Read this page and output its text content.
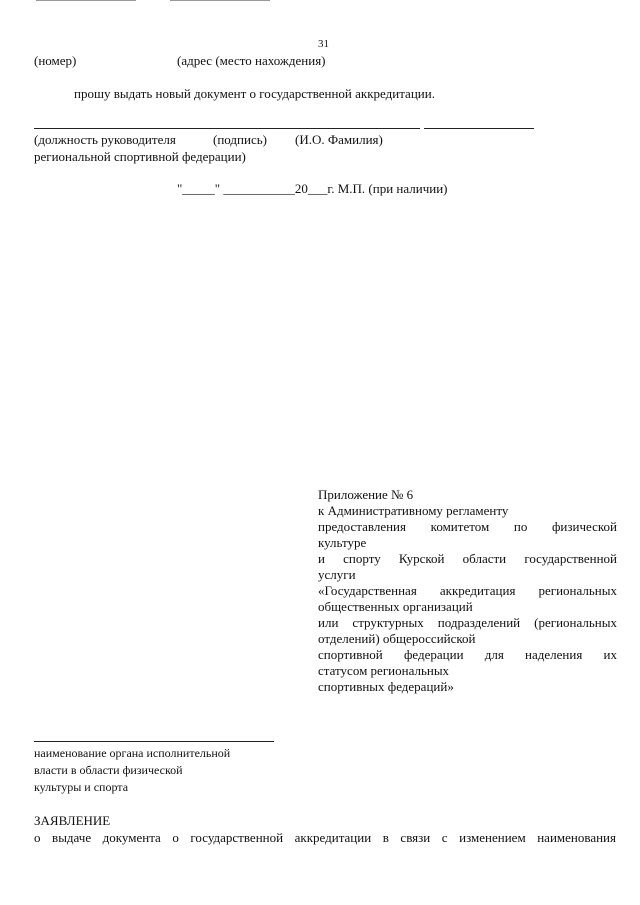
31
(номер)	(адрес (место нахождения)
прошу выдать новый документ о государственной аккредитации.
(должность руководителя	(подпись) (И.О. Фамилия)
региональной спортивной федерации)
"_____" ___________20___г. М.П. (при наличии)
Приложение № 6
к Административному регламенту
предоставления комитетом по физической
культуре
и спорту Курской области государственной
услуги
«Государственная аккредитация региональных
общественных организаций
или структурных подразделений (региональных
отделений) общероссийской
спортивной федерации для наделения их
статусом региональных
спортивных федераций»
наименование органа исполнительной
власти в области физической
культуры и спорта
ЗАЯВЛЕНИЕ
о выдаче документа о государственной аккредитации в связи с изменением наименования
